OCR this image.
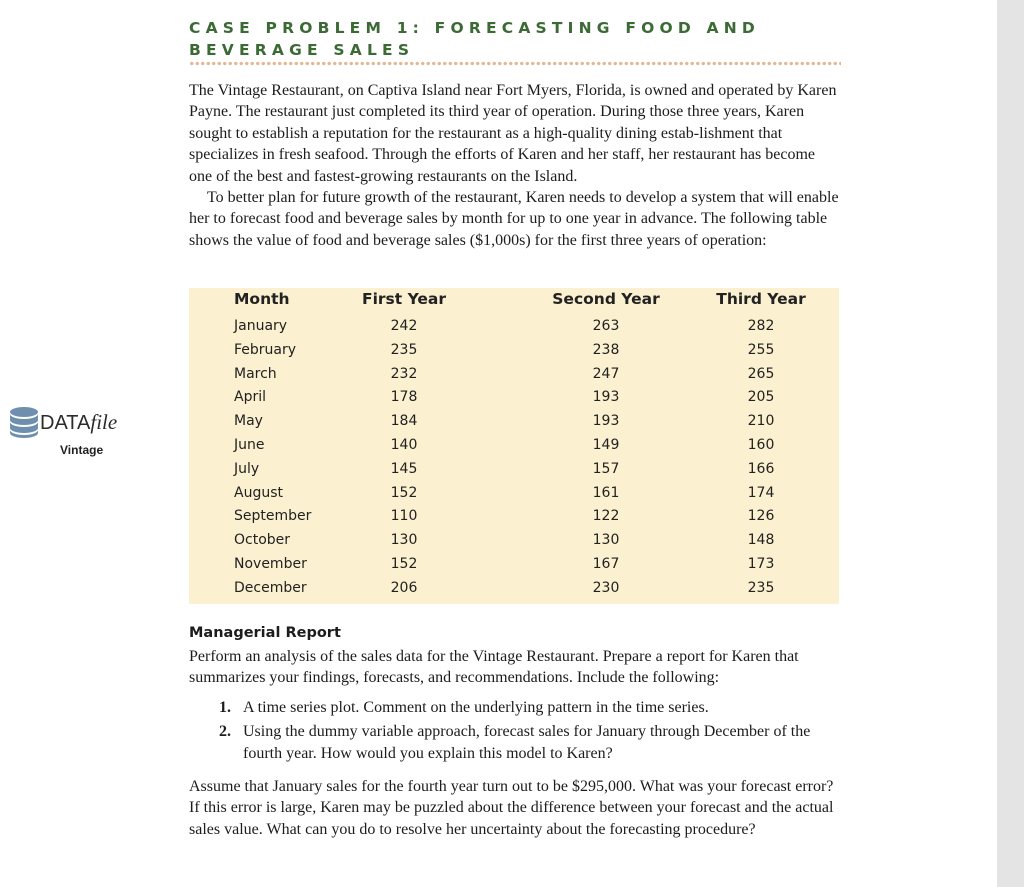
CASE PROBLEM 1: FORECASTING FOOD AND BEVERAGE SALES

The Vintage Restaurant, on Captiva Island near Fort Myers, Florida, is owned and operated by Karen Payne. The restaurant just completed its third year of operation. During those three years, Karen sought to establish a reputation for the restaurant as a high-quality dining estab-lishment that specializes in fresh seafood. Through the efforts of Karen and her staff, her restaurant has become one of the best and fastest-growing restaurants on the Island.

To better plan for future growth of the restaurant, Karen needs to develop a system that will enable her to forecast food and beverage sales by month for up to one year in advance. The following table shows the value of food and beverage sales ($1,000s) for the first three years of operation:

DATAfile
Vintage
Month	First Year	Second Year	Third Year
January	242	263	282
February	235	238	255
March	232	247	265
April	178	193	205
May	184	193	210
June	140	149	160
July	145	157	166
August	152	161	174
September	110	122	126
October	130	130	148
November	152	167	173
December	206	230	235
Managerial Report

Perform an analysis of the sales data for the Vintage Restaurant. Prepare a report for Karen that summarizes your findings, forecasts, and recommendations. Include the following:

1. A time series plot. Comment on the underlying pattern in the time series.
2. Using the dummy variable approach, forecast sales for January through December of the fourth year. How would you explain this model to Karen?

Assume that January sales for the fourth year turn out to be $295,000. What was your forecast error? If this error is large, Karen may be puzzled about the difference between your forecast and the actual sales value. What can you do to resolve her uncertainty about the forecasting procedure?
